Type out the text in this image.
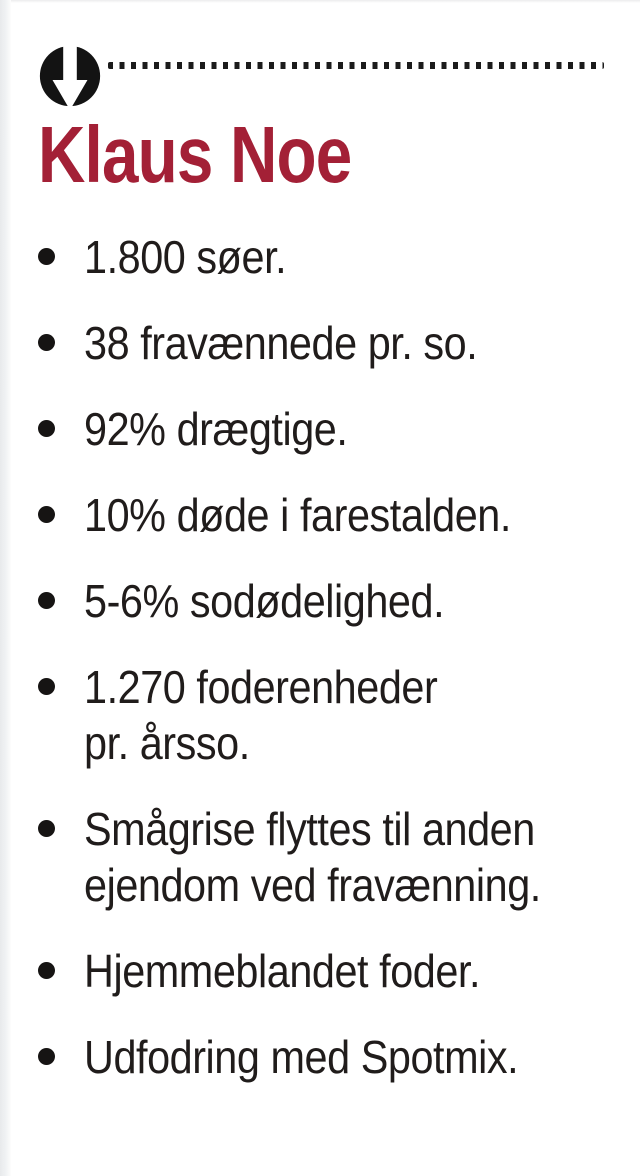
Klaus Noe
1.800 søer.
38 fravænnede pr. so.
92% drægtige.
10% døde i farestalden.
5-6% sodødelighed.
1.270 foderenheder
pr. årsso.
Smågrise flyttes til anden
ejendom ved fravænning.
Hjemmeblandet foder.
Udfodring med Spotmix.
